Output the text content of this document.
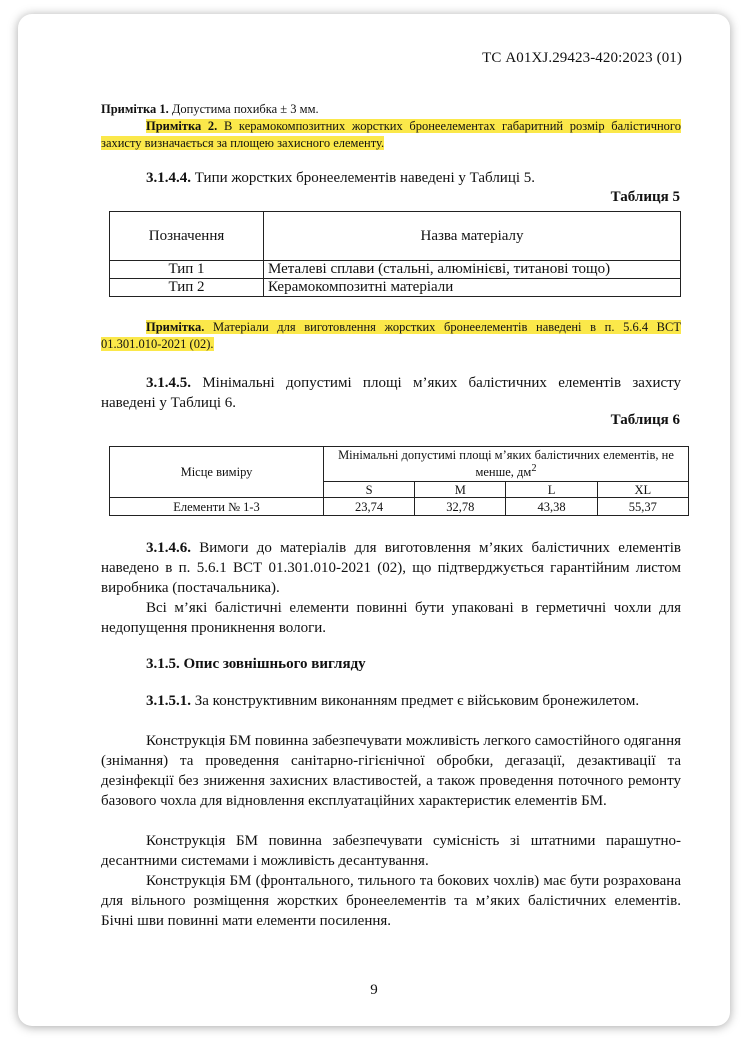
ТС А01ХJ.29423-420:2023 (01)
Примітка 1. Допустима похибка ± 3 мм.
Примітка 2. В керамокомпозитних жорстких бронеелементах габаритний розмір балістичного захисту визначається за площею захисного елементу.
3.1.4.4. Типи жорстких бронеелементів наведені у Таблиці 5.
Таблиця 5
Позначення	Назва матеріалу
Тип 1	Металеві сплави (стальні, алюмінієві, титанові тощо)
Тип 2	Керамокомпозитні матеріали
Примітка. Матеріали для виготовлення жорстких бронеелементів наведені в п. 5.6.4 ВСТ 01.301.010-2021 (02).
3.1.4.5. Мінімальні допустимі площі м’яких балістичних елементів захисту наведені у Таблиці 6.
Таблиця 6
Місце виміру	Мінімальні допустимі площі м’яких балістичних елементів, не менше, $дм^2$
	S	M	L	XL
Елементи № 1-3	23,74	32,78	43,38	55,37
3.1.4.6. Вимоги до матеріалів для виготовлення м’яких балістичних елементів наведено в п. 5.6.1 ВСТ 01.301.010-2021 (02), що підтверджується гарантійним листом виробника (постачальника).
Всі м’які балістичні елементи повинні бути упаковані в герметичні чохли для недопущення проникнення вологи.
3.1.5. Опис зовнішнього вигляду
3.1.5.1. За конструктивним виконанням предмет є військовим бронежилетом.
Конструкція БМ повинна забезпечувати можливість легкого самостійного одягання (знімання) та проведення санітарно-гігієнічної обробки, дегазації, дезактивації та дезінфекції без зниження захисних властивостей, а також проведення поточного ремонту базового чохла для відновлення експлуатаційних характеристик елементів БМ.
Конструкція БМ повинна забезпечувати сумісність зі штатними парашутно-десантними системами і можливість десантування.
Конструкція БМ (фронтального, тильного та бокових чохлів) має бути розрахована для вільного розміщення жорстких бронеелементів та м’яких балістичних елементів. Бічні шви повинні мати елементи посилення.
9
